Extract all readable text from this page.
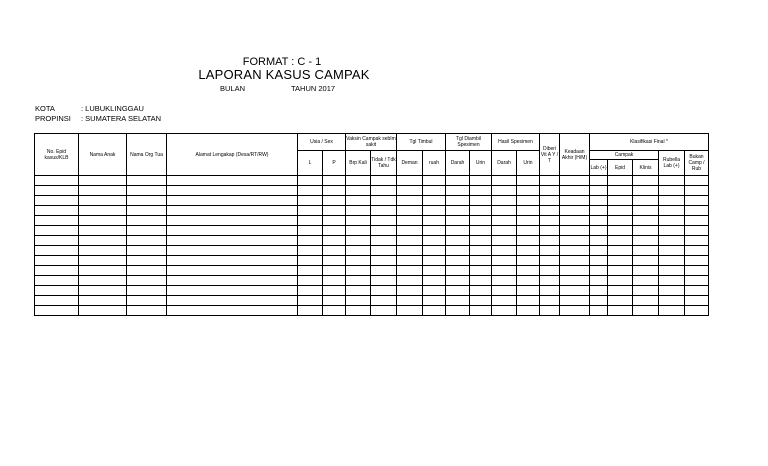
FORMAT : C - 1
LAPORAN KASUS CAMPAK
BULAN	TAHUN 2017
KOTA	: LUBUKLINGGAU
PROPINSI : SUMATERA SELATAN
No. Epid kasus/KLB	Nama Anak	Nama Org Tua	Alamat Lengakap (Desa/RT/RW)	Usia / Sex		Vaksin Campak sebIm sakit		Tgl Timbul		Tgl Diambil Spesimen		Hasil Spesimen		Diberi Vit A Y / T	Keadaan Akhir (H/M)	Klasifikasi Final *				
				L	P	Brp Kali	Tidak / Tdk Tahu	Deman	ruah	Darah	Urin	Darah	Urin			Campak			Rubella Lab (+)	Bukan Camp / Rub
																Lab (+)	Epid	Klinis		
